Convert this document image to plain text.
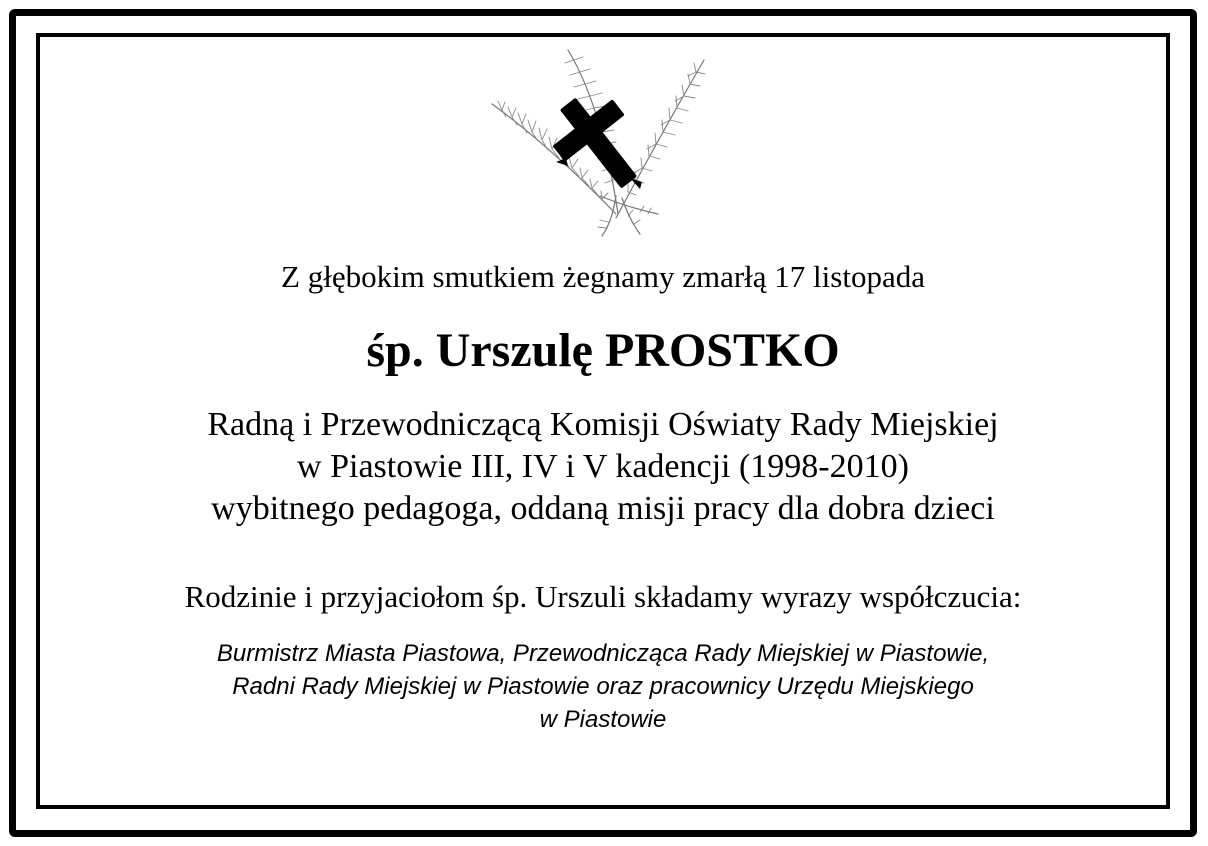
Z głębokim smutkiem żegnamy zmarłą 17 listopada
śp. Urszulę PROSTKO
Radną i Przewodniczącą Komisji Oświaty Rady Miejskiej
w Piastowie III, IV i V kadencji (1998-2010)
wybitnego pedagoga, oddaną misji pracy dla dobra dzieci
Rodzinie i przyjaciołom śp. Urszuli składamy wyrazy współczucia:
Burmistrz Miasta Piastowa, Przewodnicząca Rady Miejskiej w Piastowie,
Radni Rady Miejskiej w Piastowie oraz pracownicy Urzędu Miejskiego
w Piastowie
